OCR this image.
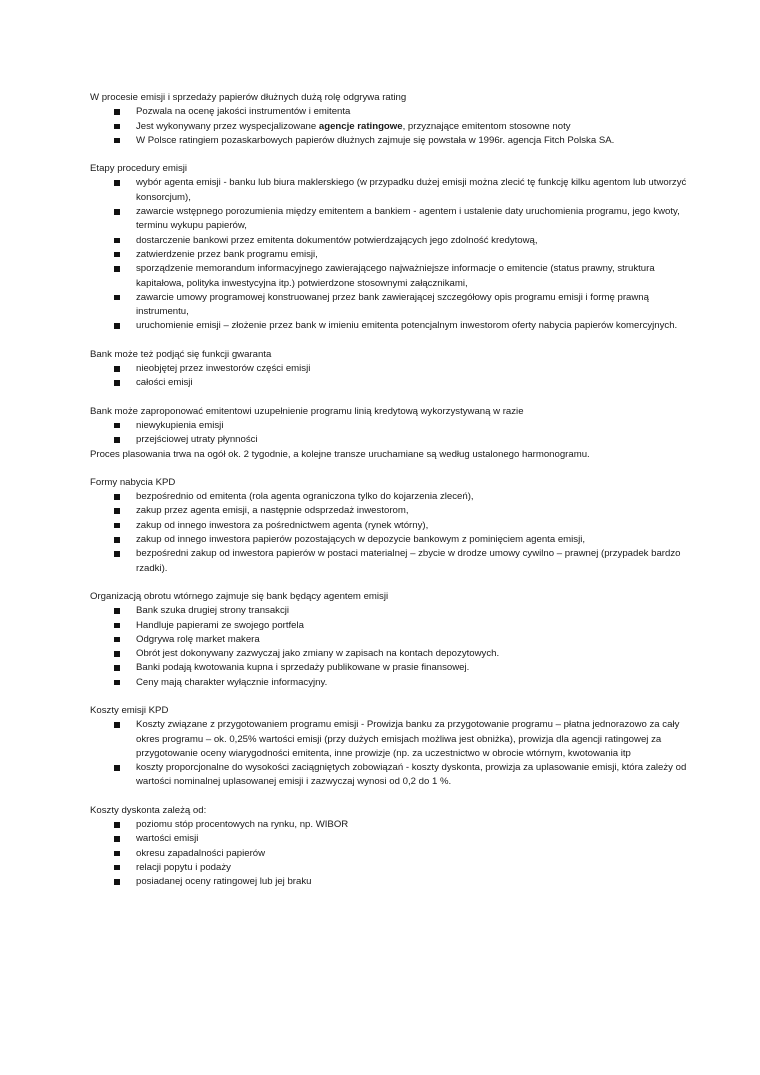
W procesie emisji i sprzedaży papierów dłużnych dużą rolę odgrywa rating

Pozwala na ocenę jakości instrumentów i emitenta
Jest wykonywany przez wyspecjalizowane agencje ratingowe, przyznające emitentom stosowne noty
W Polsce ratingiem pozaskarbowych papierów dłużnych zajmuje się powstała w 1996r. agencja Fitch Polska SA.

Etapy procedury emisji

wybór agenta emisji - banku lub biura maklerskiego (w przypadku dużej emisji można zlecić tę funkcję kilku agentom lub utworzyć konsorcjum),
zawarcie wstępnego porozumienia między emitentem a bankiem - agentem i ustalenie daty uruchomienia programu, jego kwoty, terminu wykupu papierów,
dostarczenie bankowi przez emitenta dokumentów potwierdzających jego zdolność kredytową,
zatwierdzenie przez bank programu emisji,
sporządzenie memorandum informacyjnego zawierającego najważniejsze informacje o emitencie (status prawny, struktura kapitałowa, polityka inwestycyjna itp.) potwierdzone stosownymi załącznikami,
zawarcie umowy programowej konstruowanej przez bank zawierającej szczegółowy opis programu emisji i formę prawną instrumentu,
uruchomienie emisji – złożenie przez bank w imieniu emitenta potencjalnym inwestorom oferty nabycia papierów komercyjnych.

Bank może też podjąć się funkcji gwaranta

nieobjętej przez inwestorów części emisji
całości emisji

Bank może zaproponować emitentowi uzupełnienie programu linią kredytową wykorzystywaną w razie

niewykupienia emisji
przejściowej utraty płynności

Proces plasowania trwa na ogół ok. 2 tygodnie, a kolejne transze uruchamiane są według ustalonego harmonogramu.

Formy nabycia KPD

bezpośrednio od emitenta (rola agenta ograniczona tylko do kojarzenia zleceń),
zakup przez agenta emisji, a następnie odsprzedaż inwestorom,
zakup od innego inwestora za pośrednictwem agenta (rynek wtórny),
zakup od innego inwestora papierów pozostających w depozycie bankowym z pominięciem agenta emisji,
bezpośredni zakup od inwestora papierów w postaci materialnej – zbycie w drodze umowy cywilno – prawnej (przypadek bardzo rzadki).

Organizacją obrotu wtórnego zajmuje się bank będący agentem emisji

Bank szuka drugiej strony transakcji
Handluje papierami ze swojego portfela
Odgrywa rolę market makera
Obrót jest dokonywany zazwyczaj jako zmiany w zapisach na kontach depozytowych.
Banki podają kwotowania kupna i sprzedaży publikowane w prasie finansowej.
Ceny mają charakter wyłącznie informacyjny.

Koszty emisji KPD

Koszty związane z przygotowaniem programu emisji - Prowizja banku za przygotowanie programu – płatna jednorazowo za cały okres programu – ok. 0,25% wartości emisji (przy dużych emisjach możliwa jest obniżka), prowizja dla agencji ratingowej za przygotowanie oceny wiarygodności emitenta, inne prowizje (np. za uczestnictwo w obrocie wtórnym, kwotowania itp
koszty proporcjonalne do wysokości zaciągniętych zobowiązań - koszty dyskonta, prowizja za uplasowanie emisji, która zależy od wartości nominalnej uplasowanej emisji i zazwyczaj wynosi od 0,2 do 1 %.

Koszty dyskonta zależą od:

poziomu stóp procentowych na rynku, np. WIBOR
wartości emisji
okresu zapadalności papierów
relacji popytu i podaży
posiadanej oceny ratingowej lub jej braku
